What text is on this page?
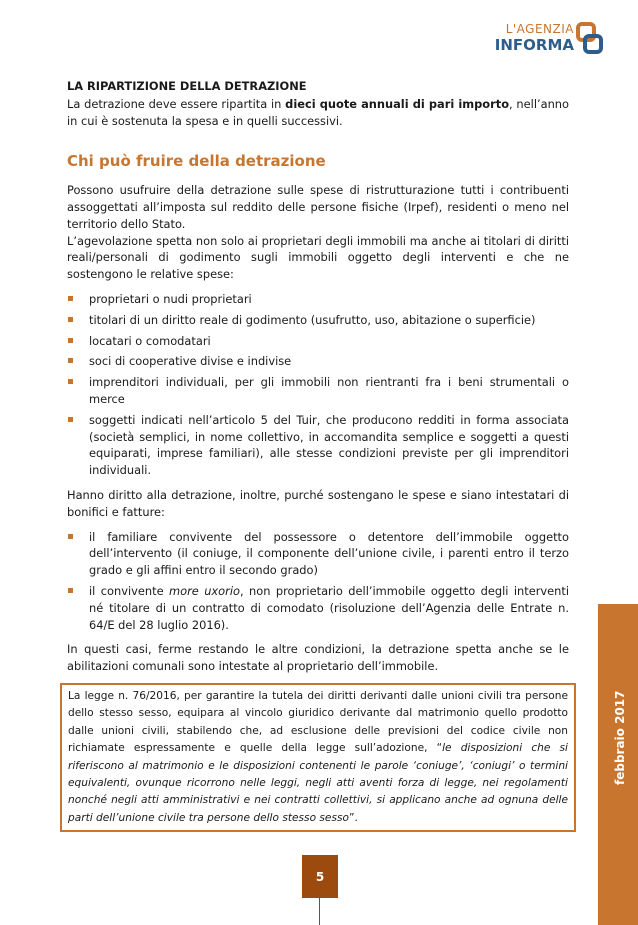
L'AGENZIA
INFORMA
LA RIPARTIZIONE DELLA DETRAZIONE

La detrazione deve essere ripartita in dieci quote annuali di pari importo, nell’anno in cui è sostenuta la spesa e in quelli successivi.

Chi può fruire della detrazione

Possono usufruire della detrazione sulle spese di ristrutturazione tutti i contribuenti assoggettati all’imposta sul reddito delle persone fisiche (Irpef), residenti o meno nel territorio dello Stato.

L’agevolazione spetta non solo ai proprietari degli immobili ma anche ai titolari di diritti reali/personali di godimento sugli immobili oggetto degli interventi e che ne sostengono le relative spese:

proprietari o nudi proprietari
titolari di un diritto reale di godimento (usufrutto, uso, abitazione o superficie)
locatari o comodatari
soci di cooperative divise e indivise
imprenditori individuali, per gli immobili non rientranti fra i beni strumentali o merce
soggetti indicati nell’articolo 5 del Tuir, che producono redditi in forma associata (società semplici, in nome collettivo, in accomandita semplice e soggetti a questi equiparati, imprese familiari), alle stesse condizioni previste per gli imprenditori individuali.

Hanno diritto alla detrazione, inoltre, purché sostengano le spese e siano intestatari di bonifici e fatture:

il familiare convivente del possessore o detentore dell’immobile oggetto dell’intervento (il coniuge, il componente dell’unione civile, i parenti entro il terzo grado e gli affini entro il secondo grado)
il convivente more uxorio, non proprietario dell’immobile oggetto degli interventi né titolare di un contratto di comodato (risoluzione dell’Agenzia delle Entrate n. 64/E del 28 luglio 2016).

In questi casi, ferme restando le altre condizioni, la detrazione spetta anche se le abilitazioni comunali sono intestate al proprietario dell’immobile.

La legge n. 76/2016, per garantire la tutela dei diritti derivanti dalle unioni civili tra persone dello stesso sesso, equipara al vincolo giuridico derivante dal matrimonio quello prodotto dalle unioni civili, stabilendo che, ad esclusione delle previsioni del codice civile non richiamate espressamente e quelle della legge sull’adozione, “le disposizioni che si riferiscono al matrimonio e le disposizioni contenenti le parole ‘coniuge’, ‘coniugi’ o termini equivalenti, ovunque ricorrono nelle leggi, negli atti aventi forza di legge, nei regolamenti nonché negli atti amministrativi e nei contratti collettivi, si applicano anche ad ognuna delle parti dell’unione civile tra persone dello stesso sesso”.
febbraio 2017
5
